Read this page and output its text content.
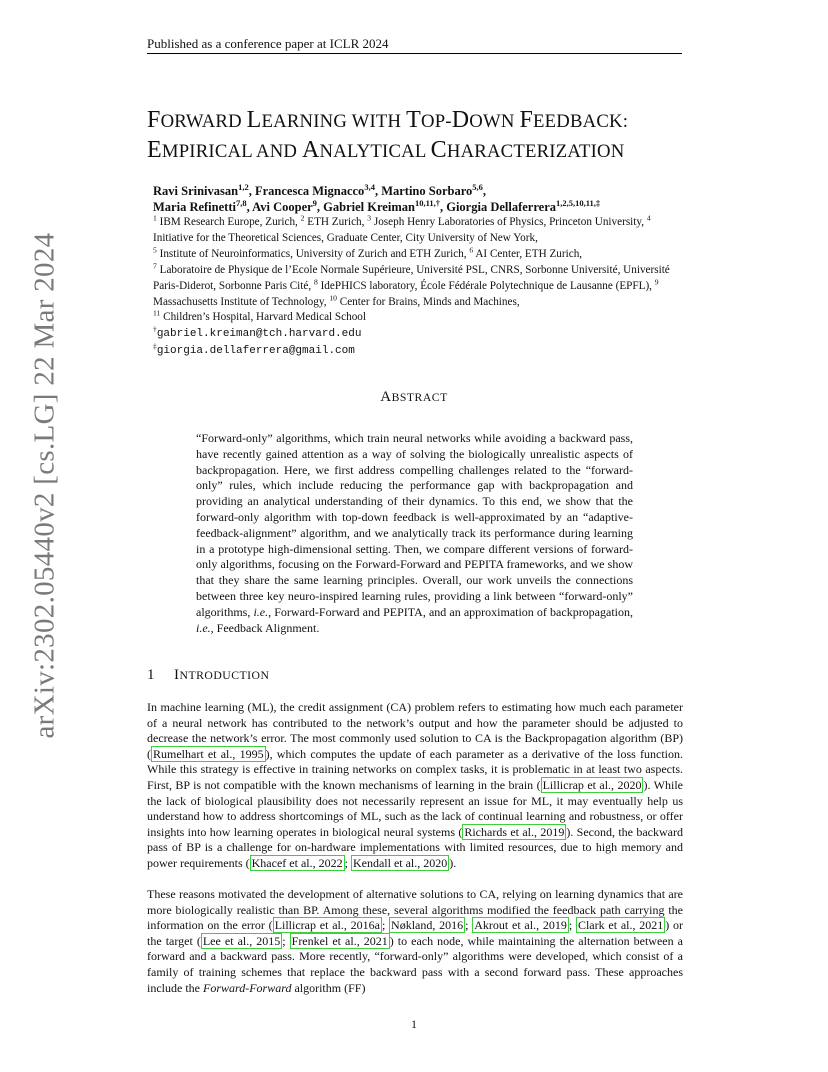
Published as a conference paper at ICLR 2024
arXiv:2302.05440v2 [cs.LG] 22 Mar 2024
FORWARD LEARNING WITH TOP-DOWN FEEDBACK:
EMPIRICAL AND ANALYTICAL CHARACTERIZATION
Ravi Srinivasan$^{1,2}$, Francesca Mignacco$^{3,4}$, Martino Sorbaro$^{5,6}$,
Maria Refinetti$^{7,8}$, Avi Cooper$^9$, Gabriel Kreiman$^{10,11,\dagger}$, Giorgia Dellaferrera$^{1,2,5,10,11,\ddagger}$
$^1$ IBM Research Europe, Zurich, $^2$ ETH Zurich, $^3$ Joseph Henry Laboratories of Physics, Princeton University, $^4$ Initiative for the Theoretical Sciences, Graduate Center, City University of New York,
$^5$ Institute of Neuroinformatics, University of Zurich and ETH Zurich, $^6$ AI Center, ETH Zurich,
$^7$ Laboratoire de Physique de l’Ecole Normale Supérieure, Université PSL, CNRS, Sorbonne Université, Université Paris-Diderot, Sorbonne Paris Cité, $^8$ IdePHICS laboratory, École Fédérale Polytechnique de Lausanne (EPFL), $^9$ Massachusetts Institute of Technology, $^{10}$ Center for Brains, Minds and Machines,
$^{11}$ Children’s Hospital, Harvard Medical School
†gabriel.kreiman@tch.harvard.edu
‡giorgia.dellaferrera@gmail.com
ABSTRACT
“Forward-only” algorithms, which train neural networks while avoiding a backward pass, have recently gained attention as a way of solving the biologically unrealistic aspects of backpropagation. Here, we first address compelling challenges related to the “forward-only” rules, which include reducing the performance gap with backpropagation and providing an analytical understanding of their dynamics. To this end, we show that the forward-only algorithm with top-down feedback is well-approximated by an “adaptive-feedback-alignment” algorithm, and we analytically track its performance during learning in a prototype high-dimensional setting. Then, we compare different versions of forward-only algorithms, focusing on the Forward-Forward and PEPITA frameworks, and we show that they share the same learning principles. Overall, our work unveils the connections between three key neuro-inspired learning rules, providing a link between “forward-only” algorithms, i.e., Forward-Forward and PEPITA, and an approximation of backpropagation, i.e., Feedback Alignment.
1 INTRODUCTION
In machine learning (ML), the credit assignment (CA) problem refers to estimating how much each parameter of a neural network has contributed to the network’s output and how the parameter should be adjusted to decrease the network’s error. The most commonly used solution to CA is the Backpropagation algorithm (BP) ( Rumelhart et al., 1995 ), which computes the update of each parameter as a derivative of the loss function. While this strategy is effective in training networks on complex tasks, it is problematic in at least two aspects. First, BP is not compatible with the known mechanisms of learning in the brain ( Lillicrap et al., 2020 ). While the lack of biological plausibility does not necessarily represent an issue for ML, it may eventually help us understand how to address shortcomings of ML, such as the lack of continual learning and robustness, or offer insights into how learning operates in biological neural systems ( Richards et al., 2019 ). Second, the backward pass of BP is a challenge for on-hardware implementations with limited resources, due to high memory and power requirements ( Khacef et al., 2022 ; Kendall et al., 2020 ).
These reasons motivated the development of alternative solutions to CA, relying on learning dynamics that are more biologically realistic than BP. Among these, several algorithms modified the feedback path carrying the information on the error ( Lillicrap et al., 2016a ; Nøkland, 2016 ; Akrout et al., 2019 ; Clark et al., 2021 ) or the target ( Lee et al., 2015 ; Frenkel et al., 2021 ) to each node, while maintaining the alternation between a forward and a backward pass. More recently, “forward-only” algorithms were developed, which consist of a family of training schemes that replace the backward pass with a second forward pass. These approaches include the Forward-Forward algorithm (FF)
1
